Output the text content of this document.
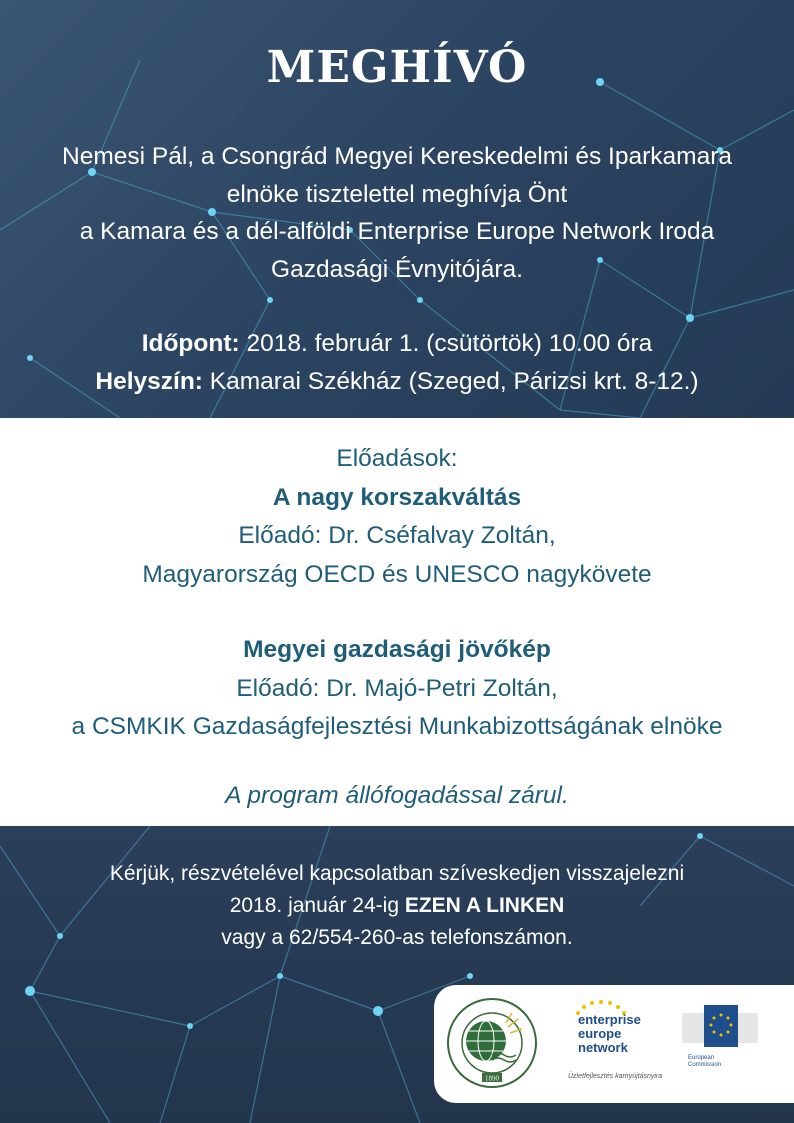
MEGHÍVÓ
Nemesi Pál, a Csongrád Megyei Kereskedelmi és Iparkamara
elnöke tisztelettel meghívja Önt
a Kamara és a dél-alföldi Enterprise Europe Network Iroda
Gazdasági Évnyitójára.
Időpont: 2018. február 1. (csütörtök) 10.00 óra
Helyszín: Kamarai Székház (Szeged, Párizsi krt. 8-12.)
Előadások:
A nagy korszakváltás
Előadó: Dr. Cséfalvay Zoltán,
Magyarország OECD és UNESCO nagykövete
Megyei gazdasági jövőkép
Előadó: Dr. Majó-Petri Zoltán,
a CSMKIK Gazdaságfejlesztési Munkabizottságának elnöke
A program állófogadással zárul.
Kérjük, részvételével kapcsolatban szíveskedjen visszajelezni
2018. január 24-ig EZEN A LINKEN
vagy a 62/554-260-as telefonszámon.
1890
enterprise
europe
network
Üzletfejlesztés karnyújtásnyira
European
Commission
